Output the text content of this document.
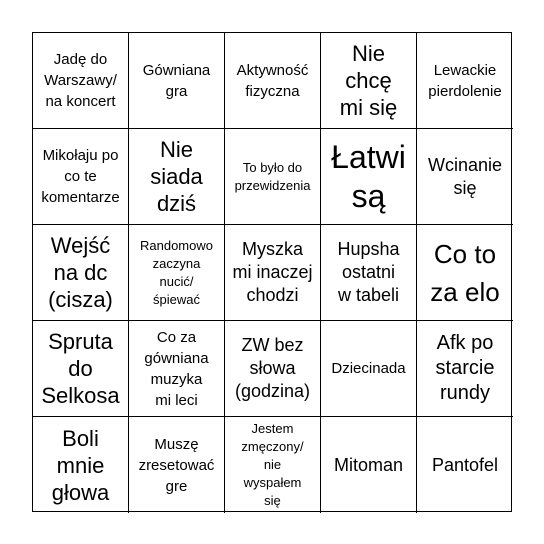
Jadę do
Warszawy/
na koncert
Gówniana
gra
Aktywność
fizyczna
Nie
chcę
mi się
Lewackie
pierdolenie
Mikołaju po
co te
komentarze
Nie
siada
dziś
To było do
przewidzenia
Łatwi
są
Wcinanie
się
Wejść
na dc
(cisza)
Randomowo
zaczyna
nucić/
śpiewać
Myszka
mi inaczej
chodzi
Hupsha
ostatni
w tabeli
Co to
za elo
Spruta
do
Selkosa
Co za
gówniana
muzyka
mi leci
ZW bez
słowa
(godzina)
Dziecinada
Afk po
starcie
rundy
Boli
mnie
głowa
Muszę
zresetować
gre
Jestem
zmęczony/
nie
wyspałem
się
Mitoman Pantofel
